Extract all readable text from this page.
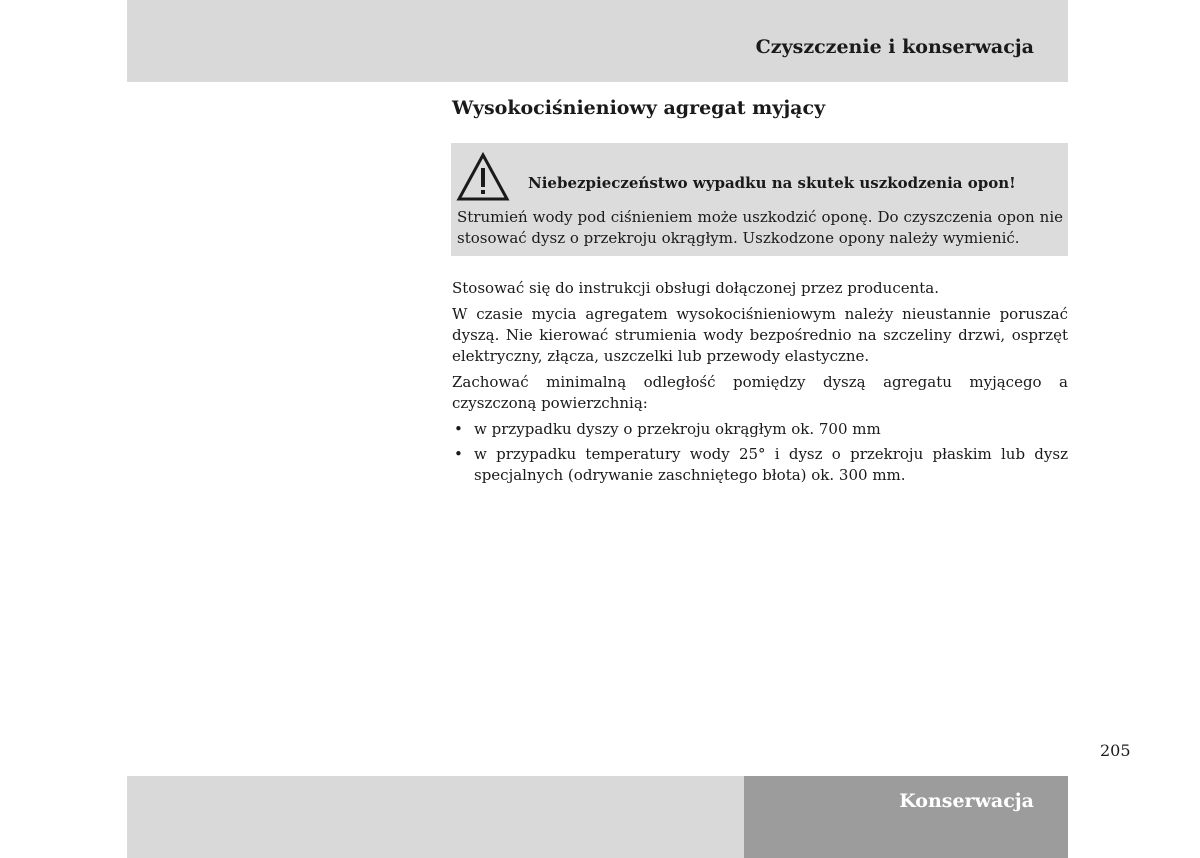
Czyszczenie i konserwacja
Wysokociśnieniowy agregat myjący
Niebezpieczeństwo wypadku na skutek uszkodzenia opon!

Strumień wody pod ciśnieniem może uszkodzić oponę. Do czyszczenia opon nie stosować dysz o przekroju okrągłym. Uszkodzone opony należy wymienić.

Stosować się do instrukcji obsługi dołączonej przez producenta.

W czasie mycia agregatem wysokociśnieniowym należy nieustannie poruszać dyszą. Nie kierować strumienia wody bezpośrednio na szczeliny drzwi, osprzęt elektryczny, złącza, uszczelki lub przewody elastyczne.

Zachować minimalną odległość pomiędzy dyszą agregatu myjącego a czyszczoną powierzchnią:

• w przypadku dyszy o przekroju okrągłym ok. 700 mm
• w przypadku temperatury wody 25° i dysz o przekroju płaskim lub dysz specjalnych (odrywanie zaschniętego błota) ok. 300 mm.
205
Konserwacja
